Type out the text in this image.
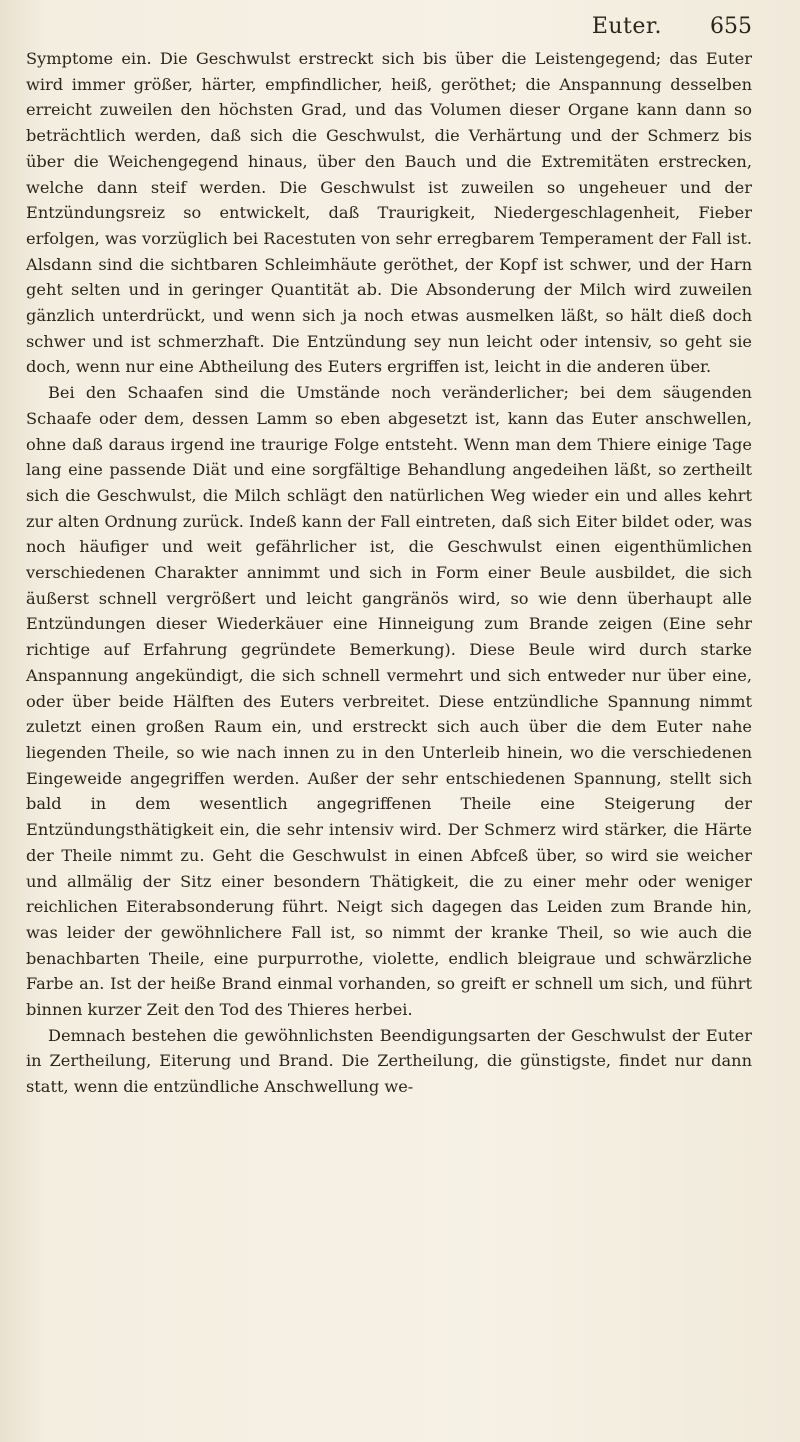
Euter. 655

Symptome ein. Die Geschwulst erstreckt sich bis über die Leistengegend; das Euter wird immer größer, härter, empfindlicher, heiß, geröthet; die Anspannung desselben erreicht zuweilen den höchsten Grad, und das Volumen dieser Organe kann dann so beträchtlich werden, daß sich die Geschwulst, die Verhärtung und der Schmerz bis über die Weichengegend hinaus, über den Bauch und die Extremitäten erstrecken, welche dann steif werden. Die Geschwulst ist zuweilen so ungeheuer und der Entzündungsreiz so entwickelt, daß Traurigkeit, Niedergeschlagenheit, Fieber erfolgen, was vorzüglich bei Racestuten von sehr erregbarem Temperament der Fall ist. Alsdann sind die sichtbaren Schleimhäute geröthet, der Kopf ist schwer, und der Harn geht selten und in geringer Quantität ab. Die Absonderung der Milch wird zuweilen gänzlich unterdrückt, und wenn sich ja noch etwas ausmelken läßt, so hält dieß doch schwer und ist schmerzhaft. Die Entzündung sey nun leicht oder intensiv, so geht sie doch, wenn nur eine Abtheilung des Euters ergriffen ist, leicht in die anderen über.

Bei den Schaafen sind die Umstände noch veränderlicher; bei dem säugenden Schaafe oder dem, dessen Lamm so eben abgesetzt ist, kann das Euter anschwellen, ohne daß daraus irgend ine traurige Folge entsteht. Wenn man dem Thiere einige Tage lang eine passende Diät und eine sorgfältige Behandlung angedeihen läßt, so zertheilt sich die Geschwulst, die Milch schlägt den natürlichen Weg wieder ein und alles kehrt zur alten Ordnung zurück. Indeß kann der Fall eintreten, daß sich Eiter bildet oder, was noch häufiger und weit gefährlicher ist, die Geschwulst einen eigenthümlichen verschiedenen Charakter annimmt und sich in Form einer Beule ausbildet, die sich äußerst schnell vergrößert und leicht gangränös wird, so wie denn überhaupt alle Entzündungen dieser Wiederkäuer eine Hinneigung zum Brande zeigen (Eine sehr richtige auf Erfahrung gegründete Bemerkung). Diese Beule wird durch starke Anspannung angekündigt, die sich schnell vermehrt und sich entweder nur über eine, oder über beide Hälften des Euters verbreitet. Diese entzündliche Spannung nimmt zuletzt einen großen Raum ein, und erstreckt sich auch über die dem Euter nahe liegenden Theile, so wie nach innen zu in den Unterleib hinein, wo die verschiedenen Eingeweide angegriffen werden. Außer der sehr entschiedenen Spannung, stellt sich bald in dem wesentlich angegriffenen Theile eine Steigerung der Entzündungsthätigkeit ein, die sehr intensiv wird. Der Schmerz wird stärker, die Härte der Theile nimmt zu. Geht die Geschwulst in einen Abfceß über, so wird sie weicher und allmälig der Sitz einer besondern Thätigkeit, die zu einer mehr oder weniger reichlichen Eiterabsonderung führt. Neigt sich dagegen das Leiden zum Brande hin, was leider der gewöhnlichere Fall ist, so nimmt der kranke Theil, so wie auch die benachbarten Theile, eine purpurrothe, violette, endlich bleigraue und schwärzliche Farbe an. Ist der heiße Brand einmal vorhanden, so greift er schnell um sich, und führt binnen kurzer Zeit den Tod des Thieres herbei.

Demnach bestehen die gewöhnlichsten Beendigungsarten der Geschwulst der Euter in Zertheilung, Eiterung und Brand. Die Zertheilung, die günstigste, findet nur dann statt, wenn die entzündliche Anschwellung we-
